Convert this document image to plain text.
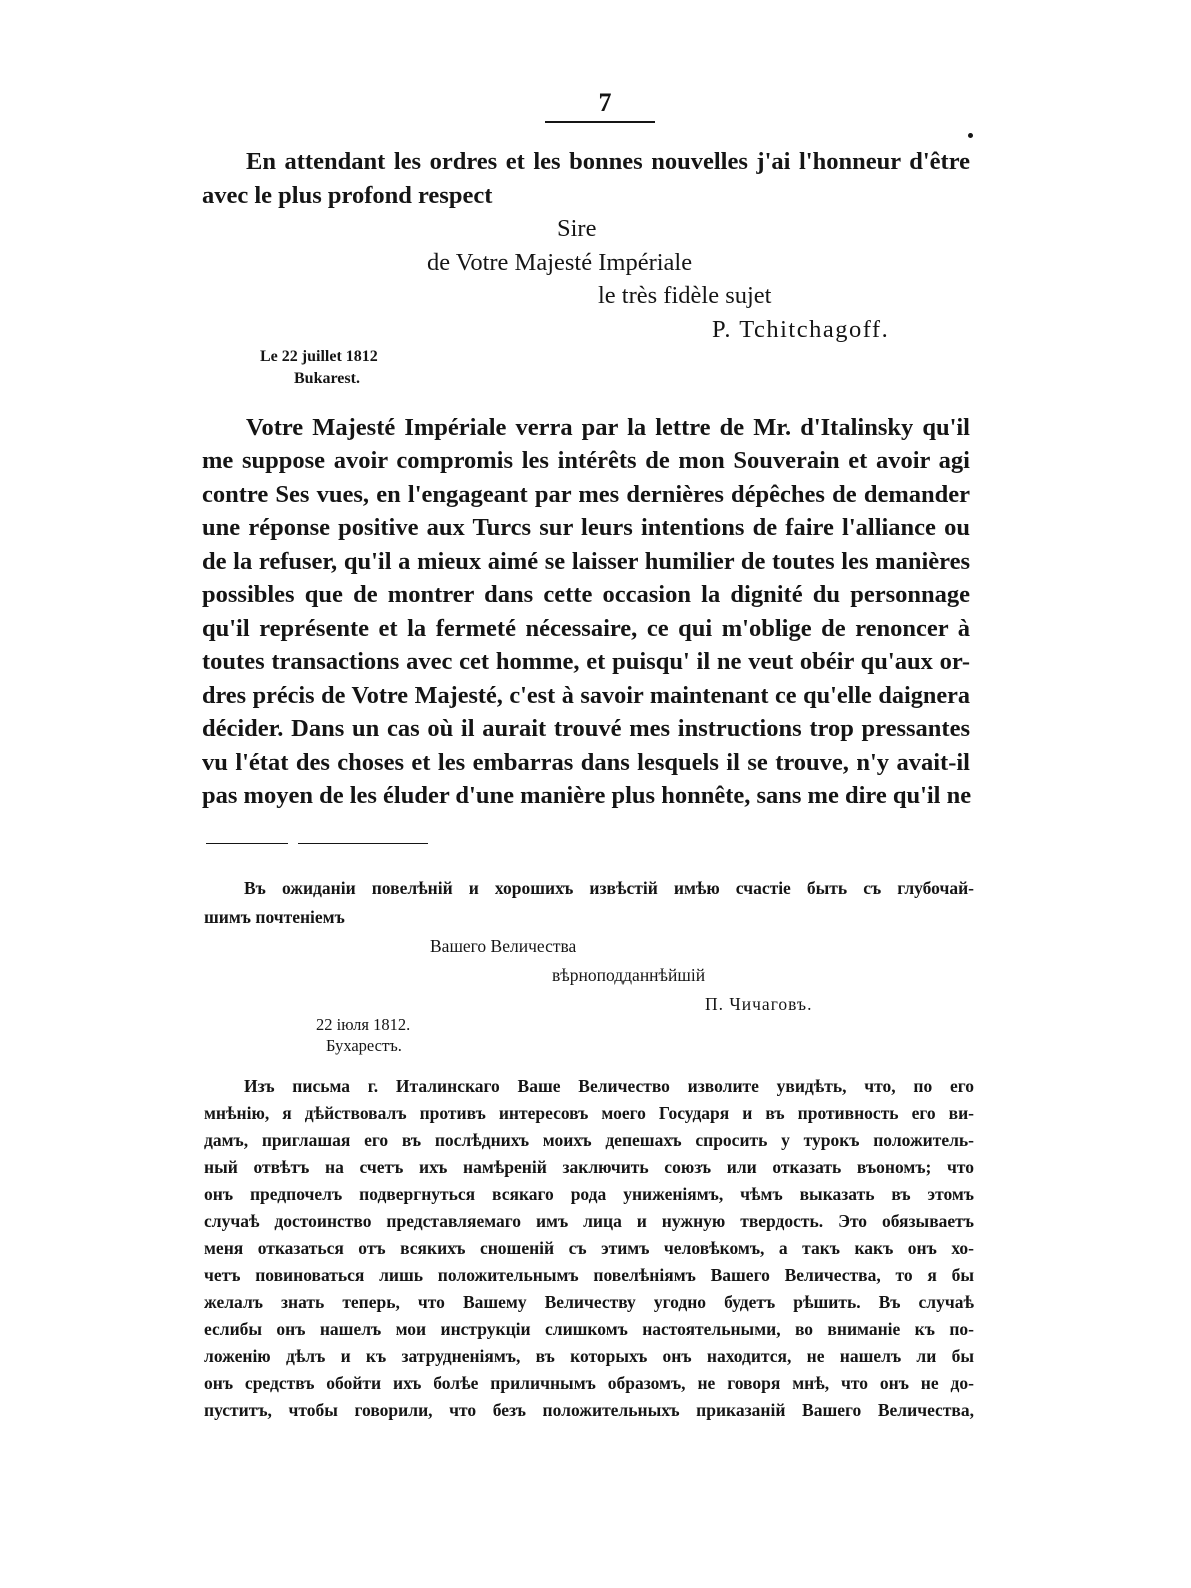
7
En attendant les ordres et les bonnes nouvelles j'ai l'honneur d'être
avec le plus profond respect
Sire
de Votre Majesté Impériale
le très fidèle sujet
P. Tchitchagoff.
Le 22 juillet 1812
Bukarest.
Votre Majesté Impériale verra par la lettre de Mr. d'Italinsky qu'il
me suppose avoir compromis les intérêts de mon Souverain et avoir agi
contre Ses vues, en l'engageant par mes dernières dépêches de demander
une réponse positive aux Turcs sur leurs intentions de faire l'alliance ou
de la refuser, qu'il a mieux aimé se laisser humilier de toutes les manières
possibles que de montrer dans cette occasion la dignité du personnage
qu'il représente et la fermeté nécessaire, ce qui m'oblige de renoncer à
toutes transactions avec cet homme, et puisqu' il ne veut obéir qu'aux or-
dres précis de Votre Majesté, c'est à savoir maintenant ce qu'elle daignera
décider. Dans un cas où il aurait trouvé mes instructions trop pressantes
vu l'état des choses et les embarras dans lesquels il se trouve, n'y avait-il
pas moyen de les éluder d'une manière plus honnête, sans me dire qu'il ne
Въ ожиданіи повелѣній и хорошихъ извѣстій имѣю счастіе быть съ глубочай-
шимъ почтеніемъ
Вашего Величества
вѣрноподданнѣйшій
П. Чичаговъ.
22 іюля 1812.
Бухарестъ.
Изъ письма г. Италинскаго Ваше Величество изволите увидѣть, что, по его
мнѣнію, я дѣйствовалъ противъ интересовъ моего Государя и въ противность его ви-
дамъ, приглашая его въ послѣднихъ моихъ депешахъ спросить у турокъ положитель-
ный отвѣтъ на счетъ ихъ намѣреній заключить союзъ или отказать въономъ; что
онъ предпочелъ подвергнуться всякаго рода униженіямъ, чѣмъ выказать въ этомъ
случаѣ достоинство представляемаго имъ лица и нужную твердость. Это обязываетъ
меня отказаться отъ всякихъ сношеній съ этимъ человѣкомъ, а такъ какъ онъ хо-
четъ повиноваться лишь положительнымъ повелѣніямъ Вашего Величества, то я бы
желалъ знать теперь, что Вашему Величеству угодно будетъ рѣшить. Въ случаѣ
еслибы онъ нашелъ мои инструкціи слишкомъ настоятельными, во вниманіе къ по-
ложенію дѣлъ и къ затрудненіямъ, въ которыхъ онъ находится, не нашелъ ли бы
онъ средствъ обойти ихъ болѣе приличнымъ образомъ, не говоря мнѣ, что онъ не до-
пуститъ, чтобы говорили, что безъ положительныхъ приказаній Вашего Величества,
